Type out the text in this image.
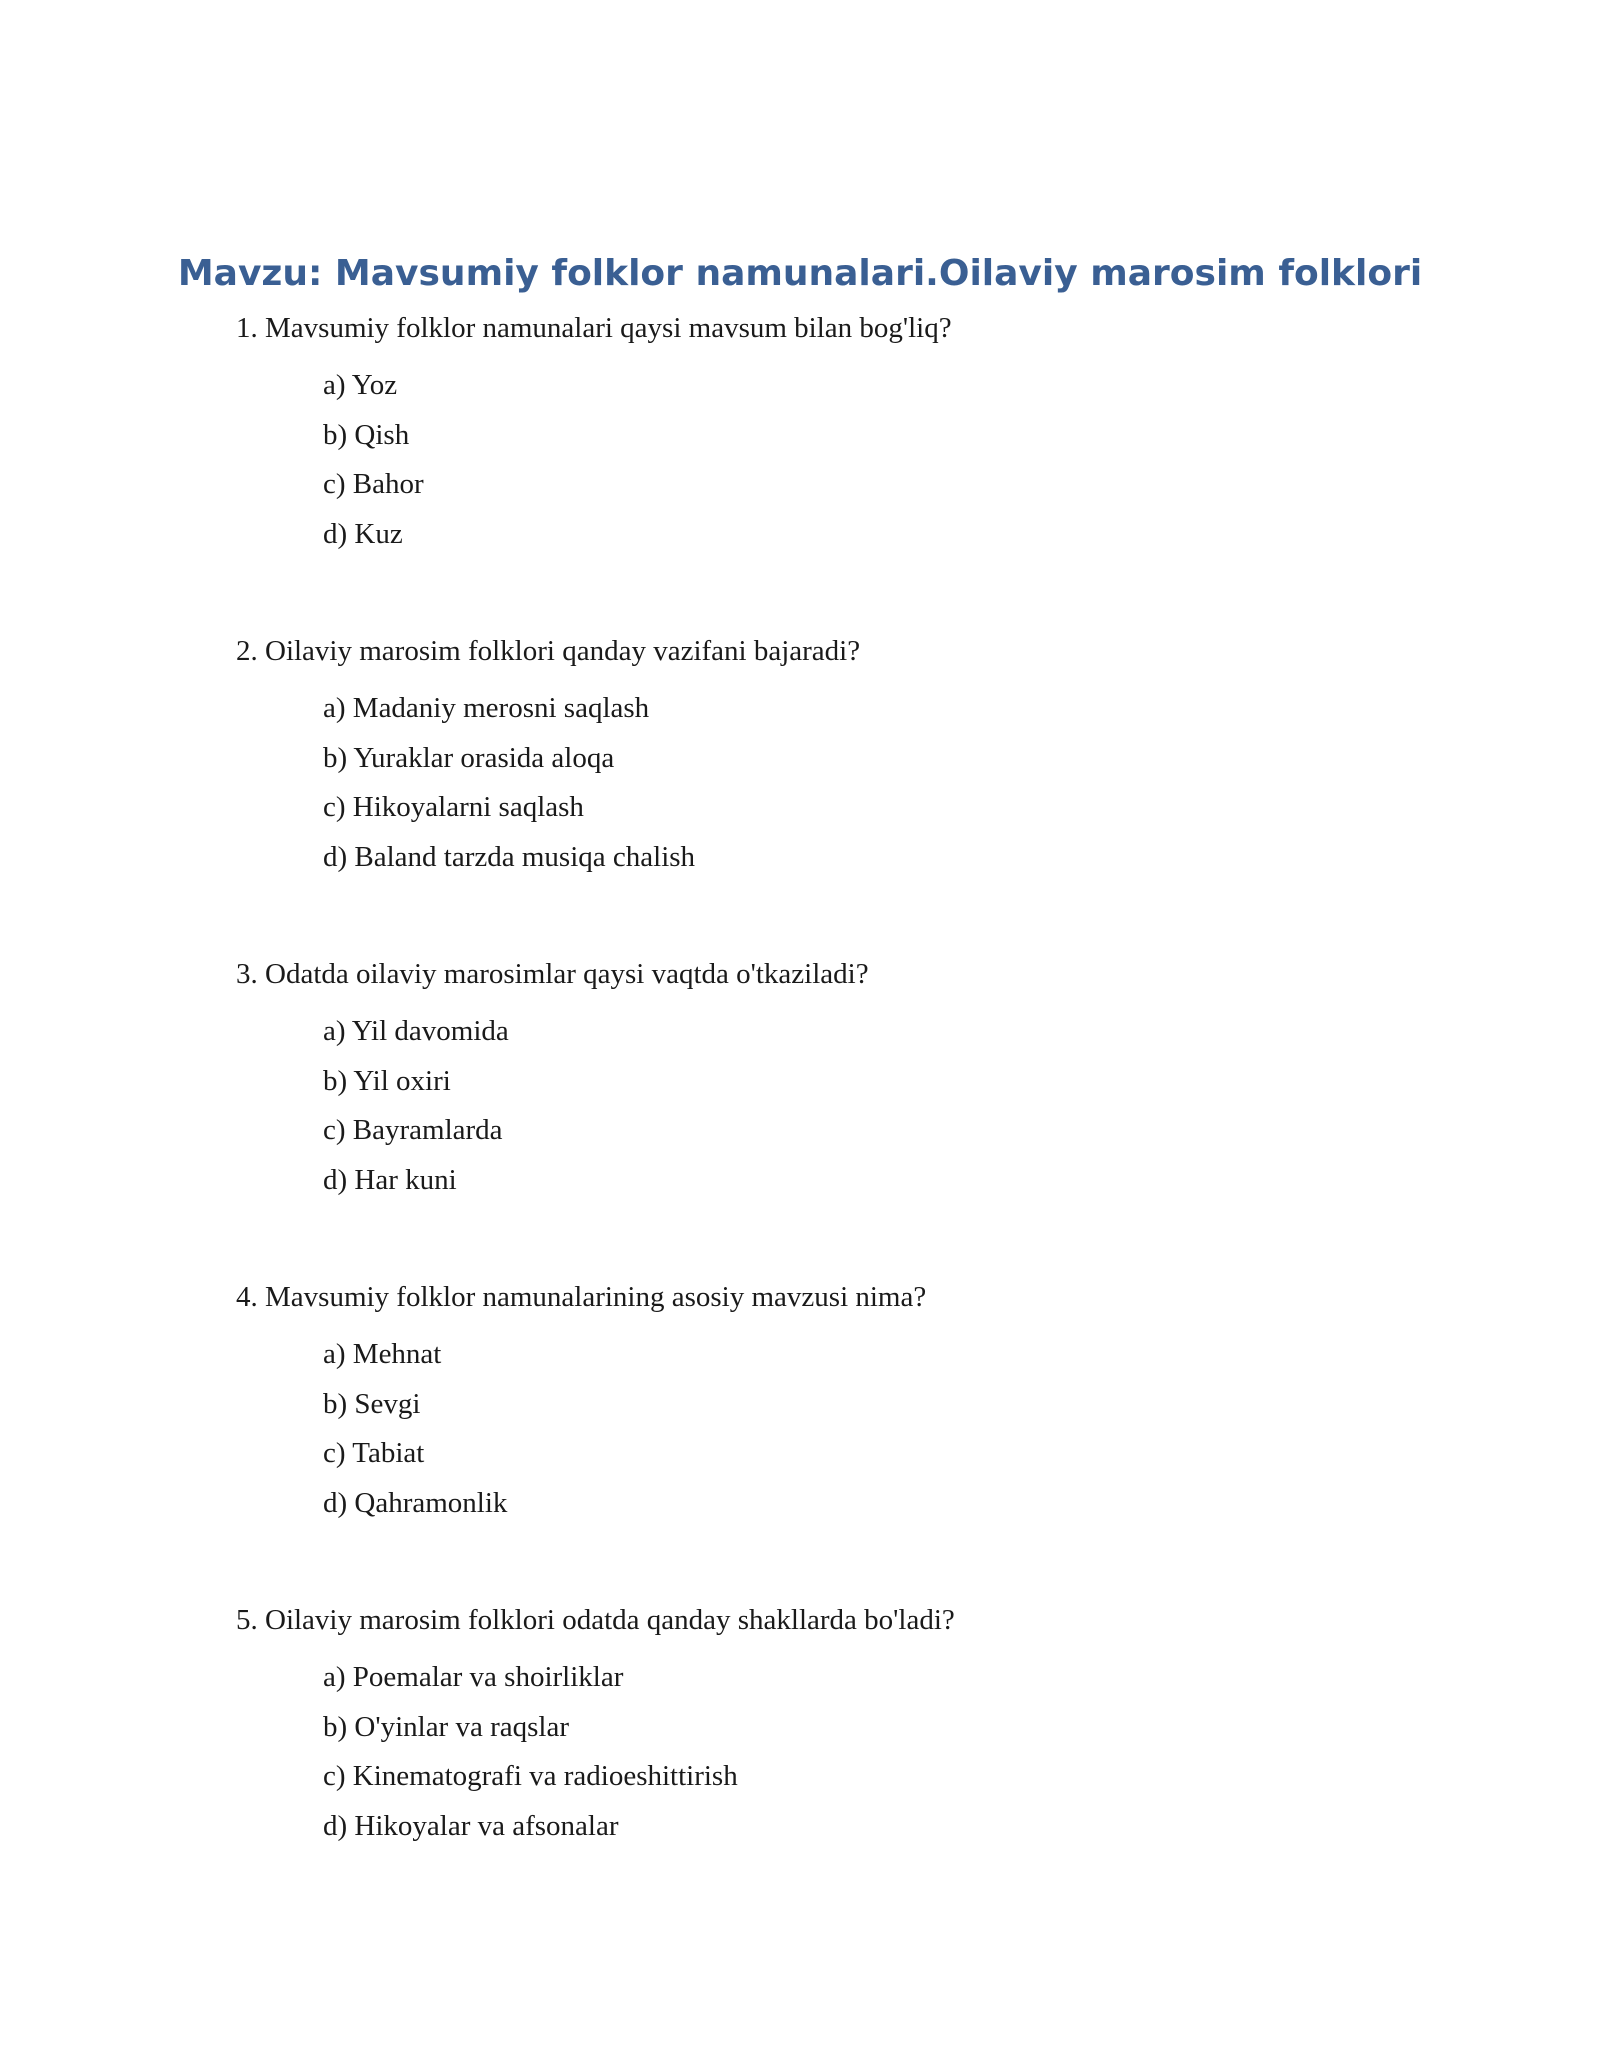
Mavzu: Mavsumiy folklor namunalari.Oilaviy marosim folklori
1. Mavsumiy folklor namunalari qaysi mavsum bilan bog'liq?
a) Yoz
b) Qish
c) Bahor
d) Kuz
2. Oilaviy marosim folklori qanday vazifani bajaradi?
a) Madaniy merosni saqlash
b) Yuraklar orasida aloqa
c) Hikoyalarni saqlash
d) Baland tarzda musiqa chalish
3. Odatda oilaviy marosimlar qaysi vaqtda o'tkaziladi?
a) Yil davomida
b) Yil oxiri
c) Bayramlarda
d) Har kuni
4. Mavsumiy folklor namunalarining asosiy mavzusi nima?
a) Mehnat
b) Sevgi
c) Tabiat
d) Qahramonlik
5. Oilaviy marosim folklori odatda qanday shakllarda bo'ladi?
a) Poemalar va shoirliklar
b) O'yinlar va raqslar
c) Kinematografi va radioeshittirish
d) Hikoyalar va afsonalar
